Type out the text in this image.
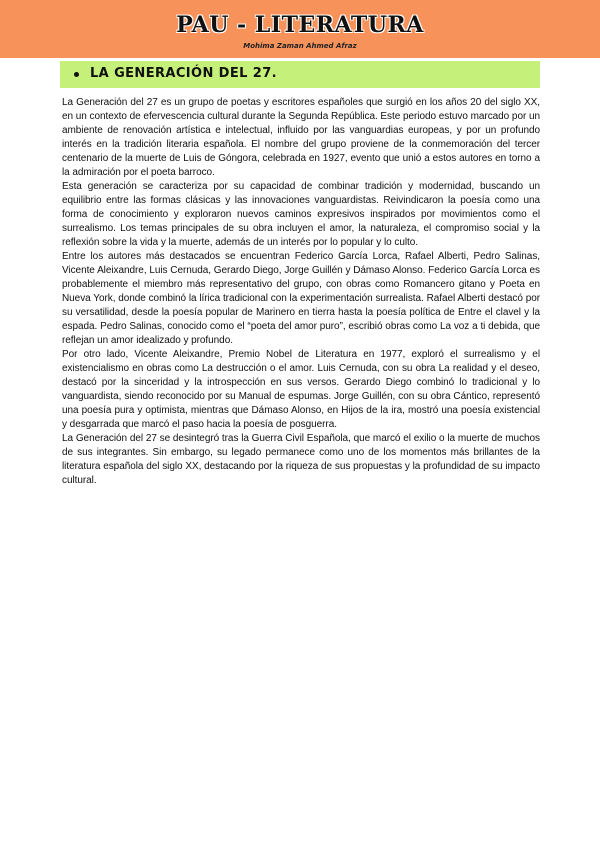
PAU - LITERATURA
Mohima Zaman Ahmed Afraz
LA GENERACIÓN DEL 27.

La Generación del 27 es un grupo de poetas y escritores españoles que surgió en los años 20 del siglo XX, en un contexto de efervescencia cultural durante la Segunda República. Este periodo estuvo marcado por un ambiente de renovación artística e intelectual, influido por las vanguardias europeas, y por un profundo interés en la tradición literaria española. El nombre del grupo proviene de la conmemoración del tercer centenario de la muerte de Luis de Góngora, celebrada en 1927, evento que unió a estos autores en torno a la admiración por el poeta barroco.

Esta generación se caracteriza por su capacidad de combinar tradición y modernidad, buscando un equilibrio entre las formas clásicas y las innovaciones vanguardistas. Reivindicaron la poesía como una forma de conocimiento y exploraron nuevos caminos expresivos inspirados por movimientos como el surrealismo. Los temas principales de su obra incluyen el amor, la naturaleza, el compromiso social y la reflexión sobre la vida y la muerte, además de un interés por lo popular y lo culto.

Entre los autores más destacados se encuentran Federico García Lorca, Rafael Alberti, Pedro Salinas, Vicente Aleixandre, Luis Cernuda, Gerardo Diego, Jorge Guillén y Dámaso Alonso. Federico García Lorca es probablemente el miembro más representativo del grupo, con obras como Romancero gitano y Poeta en Nueva York, donde combinó la lírica tradicional con la experimentación surrealista. Rafael Alberti destacó por su versatilidad, desde la poesía popular de Marinero en tierra hasta la poesía política de Entre el clavel y la espada. Pedro Salinas, conocido como el “poeta del amor puro”, escribió obras como La voz a ti debida, que reflejan un amor idealizado y profundo.

Por otro lado, Vicente Aleixandre, Premio Nobel de Literatura en 1977, exploró el surrealismo y el existencialismo en obras como La destrucción o el amor. Luis Cernuda, con su obra La realidad y el deseo, destacó por la sinceridad y la introspección en sus versos. Gerardo Diego combinó lo tradicional y lo vanguardista, siendo reconocido por su Manual de espumas. Jorge Guillén, con su obra Cántico, representó una poesía pura y optimista, mientras que Dámaso Alonso, en Hijos de la ira, mostró una poesía existencial y desgarrada que marcó el paso hacia la poesía de posguerra.

La Generación del 27 se desintegró tras la Guerra Civil Española, que marcó el exilio o la muerte de muchos de sus integrantes. Sin embargo, su legado permanece como uno de los momentos más brillantes de la literatura española del siglo XX, destacando por la riqueza de sus propuestas y la profundidad de su impacto cultural.
